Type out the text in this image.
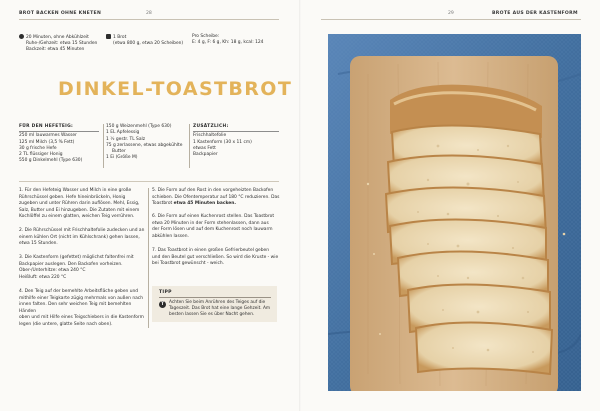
BROT BACKEN OHNE KNETEN	28
20 Minuten, ohne Abkühlzeit
Ruhe-/Gehzeit: etwa 15 Stunden
Backzeit: etwa 45 Minuten
1 Brot
(etwa 800 g, etwa 20 Scheiben)
Pro Scheibe:
E: 4 g, F: 6 g, Kh: 18 g, kcal: 124
DINKEL-TOASTBROT
FÜR DEN HEFETEIG:
250 ml lauwarmes Wasser
125 ml Milch (3,5 % Fett)
30 g frische Hefe
2 TL flüssiger Honig
550 g Dinkelmehl (Type 630)
150 g Weizenmehl (Type 630)
1 EL Apfelessig
1 ½ gestr. TL Salz
75 g zerlassene, etwas abgekühlte
Butter
1 Ei (Größe M)
ZUSÄTZLICH:
Frischhaltefolie
1 Kastenform (30 x 11 cm)
etwas Fett
Backpapier
1. Für den Hefeteig Wasser und Milch in eine große
Rührschüssel geben. Hefe hineinbröckeln, Honig
zugeben und unter Rühren darin auflösen. Mehl, Essig,
Salz, Butter und Ei hinzugeben. Die Zutaten mit einem
Kochlöffel zu einem glatten, weichen Teig verrühren.
2. Die Rührschüssel mit Frischhaltefolie zudecken und an
einem kühlen Ort (nicht im Kühlschrank) gehen lassen,
etwa 15 Stunden.
3. Die Kastenform (gefettet) möglichst faltenfrei mit
Backpapier auslegen. Den Backofen vorheizen.
Ober-/Unterhitze: etwa 240 °C
Heißluft: etwa 220 °C
4. Den Teig auf der bemehlte Arbeitsfläche geben und
mithilfe einer Teigkarte zügig mehrmals von außen nach
innen falten. Den sehr weichen Teig mit bemehlten Händen
oben und mit Hilfe eines Teigschiebers in die Kastenform
legen (die untere, glatte Seite nach oben).
5. Die Form auf den Rost in den vorgeheizten Backofen
schieben. Die Ofentemperatur auf 180 °C reduzieren. Das
Toastbrot etwa 45 Minuten backen.
6. Die Form auf einen Kuchenrost stellen. Das Toastbrot
etwa 20 Minuten in der Form stehenlassen, dann aus
der Form lösen und auf dem Kuchenrost noch lauwarm
abkühlen lassen.
7. Das Toastbrot in einen großen Gefrierbeutel geben
und den Beutel gut verschließen. So wird die Kruste - wie
bei Toastbrot gewünscht - weich.
TIPP
T	Achten Sie beim Anrühren des Teiges auf die
Tageszeit. Das Brot hat eine lange Gehzeit. Am
besten lassen Sie es über Nacht gehen.
29	BROTE AUS DER KASTENFORM
